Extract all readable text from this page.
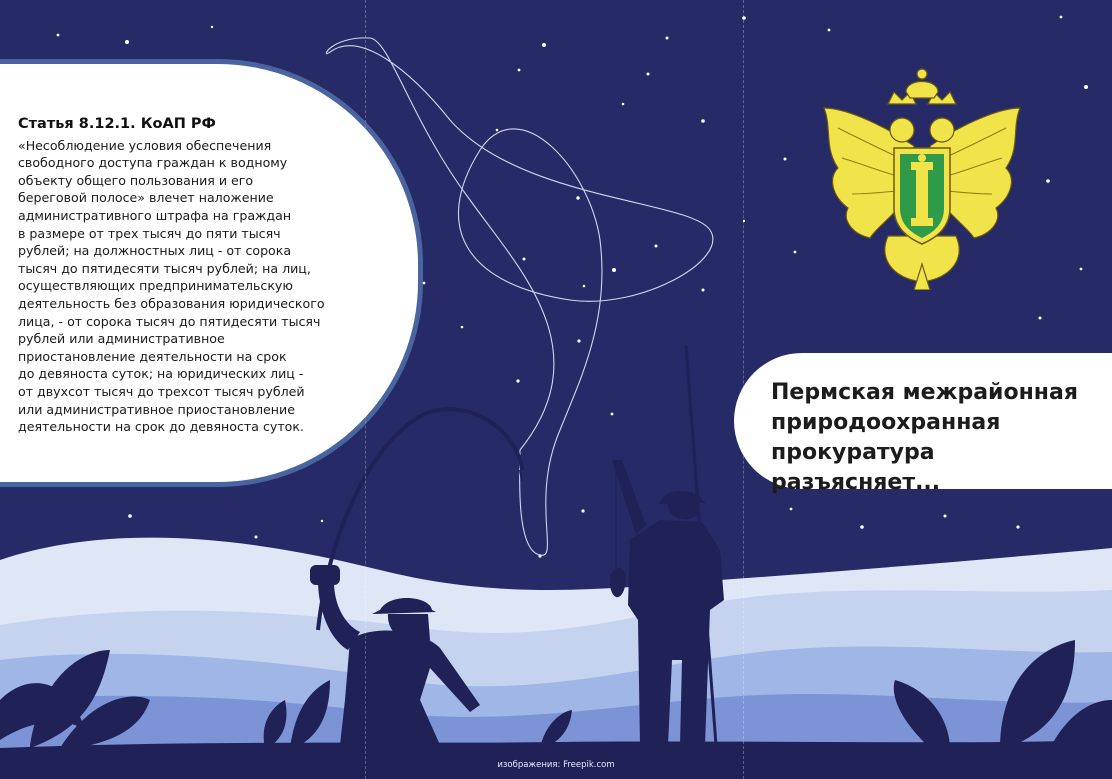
Статья 8.12.1. КоАП РФ
«Несоблюдение условия обеспечения
свободного доступа граждан к водному
объекту общего пользования и его
береговой полосе» влечет наложение
административного штрафа на граждан
в размере от трех тысяч до пяти тысяч
рублей; на должностных лиц - от сорока
тысяч до пятидесяти тысяч рублей; на лиц,
осуществляющих предпринимательскую
деятельность без образования юридического
лица, - от сорока тысяч до пятидесяти тысяч
рублей или административное
приостановление деятельности на срок
до девяноста суток; на юридических лиц -
от двухсот тысяч до трехсот тысяч рублей
или административное приостановление
деятельности на срок до девяноста суток.
Пермская межрайонная
природоохранная
прокуратура разъясняет...
изображения: Freepik.com
